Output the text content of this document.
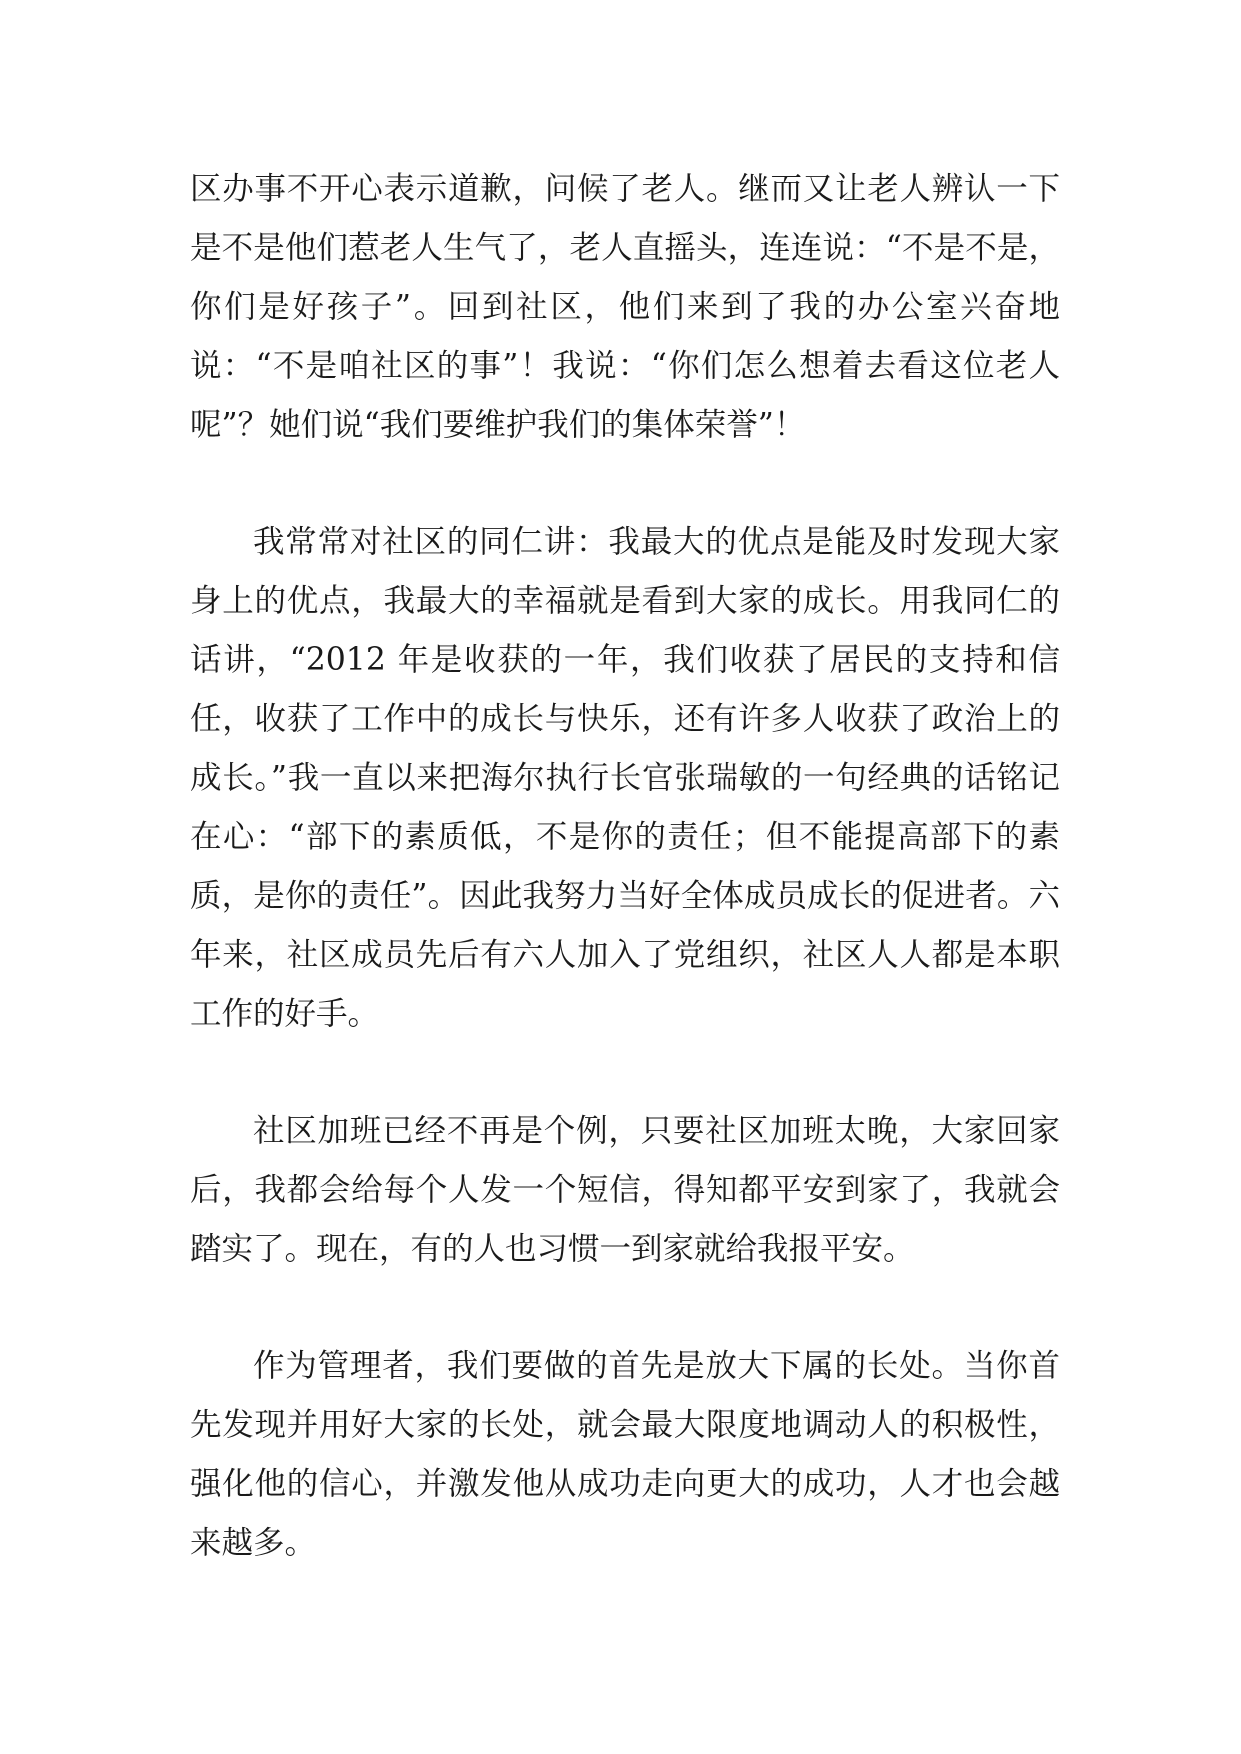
区办事不开心表示道歉，问候了老人。继而又让老人辨认一下是不是他们惹老人生气了，老人直摇头，连连说：“不是不是，你们是好孩子”。回到社区，他们来到了我的办公室兴奋地说：“不是咱社区的事”！我说：“你们怎么想着去看这位老人呢”？她们说“我们要维护我们的集体荣誉”！

我常常对社区的同仁讲：我最大的优点是能及时发现大家身上的优点，我最大的幸福就是看到大家的成长。用我同仁的话讲，“2012 年是收获的一年，我们收获了居民的支持和信任，收获了工作中的成长与快乐，还有许多人收获了政治上的成长。”我一直以来把海尔执行长官张瑞敏的一句经典的话铭记在心：“部下的素质低，不是你的责任；但不能提高部下的素质，是你的责任”。因此我努力当好全体成员成长的促进者。六年来，社区成员先后有六人加入了党组织，社区人人都是本职工作的好手。

社区加班已经不再是个例，只要社区加班太晚，大家回家后，我都会给每个人发一个短信，得知都平安到家了，我就会踏实了。现在，有的人也习惯一到家就给我报平安。

作为管理者，我们要做的首先是放大下属的长处。当你首先发现并用好大家的长处，就会最大限度地调动人的积极性，强化他的信心，并激发他从成功走向更大的成功，人才也会越来越多。
